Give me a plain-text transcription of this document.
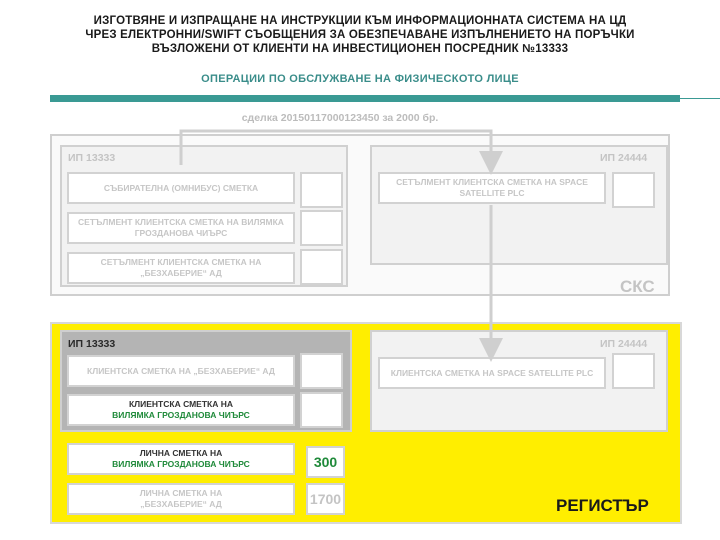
ИЗГОТВЯНЕ И ИЗПРАЩАНЕ НА ИНСТРУКЦИИ КЪМ ИНФОРМАЦИОННАТА СИСТЕМА НА ЦД
ЧРЕЗ ЕЛЕКТРОННИ/SWIFT СЪОБЩЕНИЯ ЗА ОБЕЗПЕЧАВАНЕ ИЗПЪЛНЕНИЕТО НА ПОРЪЧКИ
ВЪЗЛОЖЕНИ ОТ КЛИЕНТИ НА ИНВЕСТИЦИОНЕН ПОСРЕДНИК №13333
ОПЕРАЦИИ ПО ОБСЛУЖВАНЕ НА ФИЗИЧЕСКОТО ЛИЦЕ
сделка 20150117000123450 за 2000 бр.
ИП 13333
СЪБИРАТЕЛНА (ОМНИБУС) СМЕТКА
СЕТЪЛМЕНТ КЛИЕНТСКА СМЕТКА НА ВИЛЯМКА ГРОЗДАНОВА ЧИЪРС
СЕТЪЛМЕНТ КЛИЕНТСКА СМЕТКА НА „БЕЗХАБЕРИЕ“ АД
ИП 24444
СЕТЪЛМЕНТ КЛИЕНТСКА СМЕТКА НА SPACE SATELLITE PLC
СКС
ИП 13333
КЛИЕНТСКА СМЕТКА НА „БЕЗХАБЕРИЕ“ АД
КЛИЕНТСКА СМЕТКА НА
ВИЛЯМКА ГРОЗДАНОВА ЧИЪРС
ИП 24444
КЛИЕНТСКА СМЕТКА НА SPACE SATELLITE PLC
ЛИЧНА СМЕТКА НА
ВИЛЯМКА ГРОЗДАНОВА ЧИЪРС	300
ЛИЧНА СМЕТКА НА
„БЕЗХАБЕРИЕ“ АД	1700	РЕГИСТЪР
